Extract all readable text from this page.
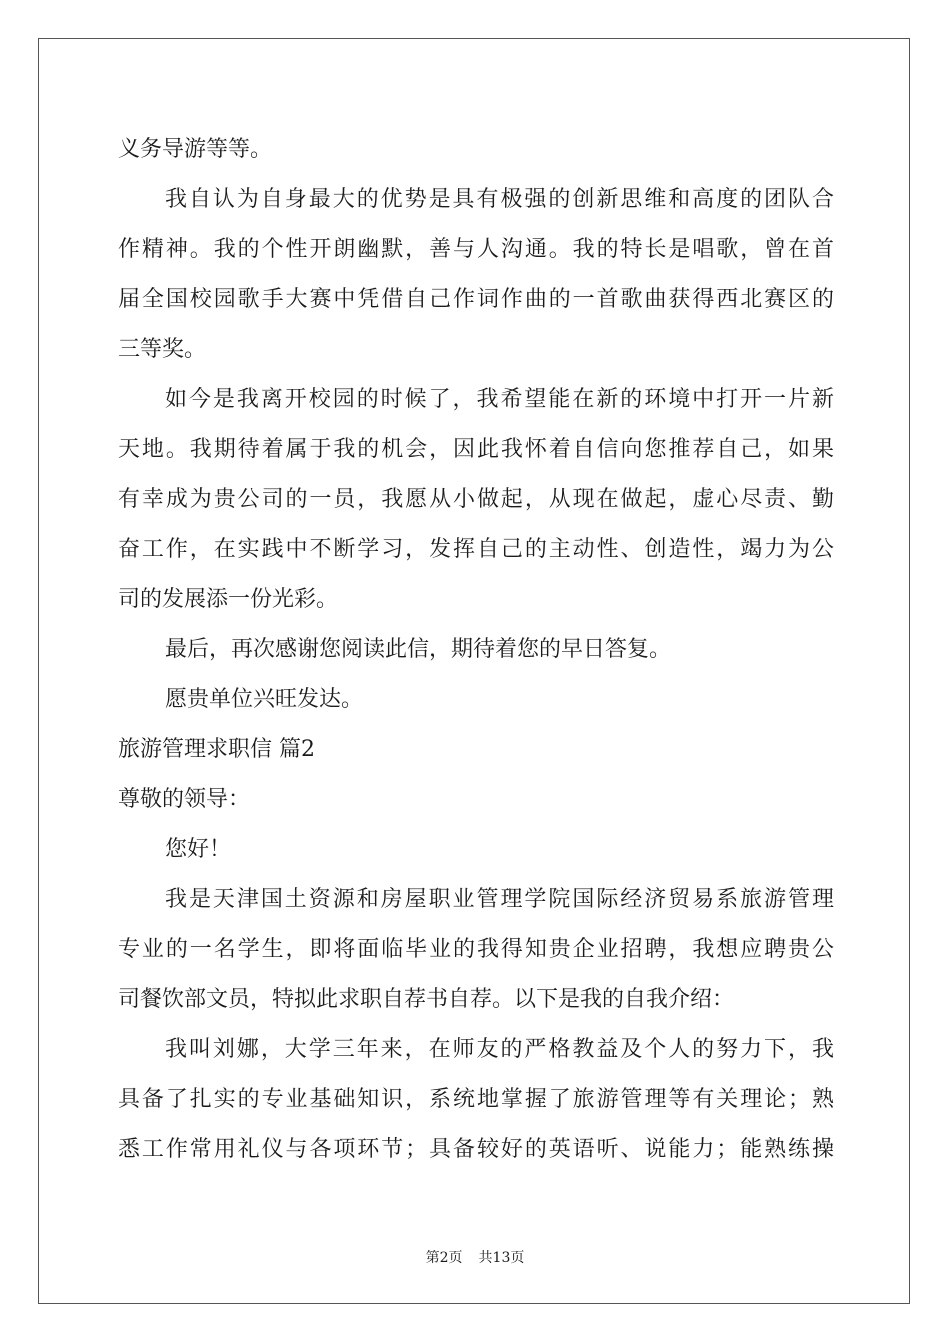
义务导游等等。
我自认为自身最大的优势是具有极强的创新思维和高度的团队合
作精神。我的个性开朗幽默，善与人沟通。我的特长是唱歌，曾在首
届全国校园歌手大赛中凭借自己作词作曲的一首歌曲获得西北赛区的
三等奖。
如今是我离开校园的时候了，我希望能在新的环境中打开一片新
天地。我期待着属于我的机会，因此我怀着自信向您推荐自己，如果
有幸成为贵公司的一员，我愿从小做起，从现在做起，虚心尽责、勤
奋工作，在实践中不断学习，发挥自己的主动性、创造性，竭力为公
司的发展添一份光彩。
最后，再次感谢您阅读此信，期待着您的早日答复。
愿贵单位兴旺发达。
旅游管理求职信 篇2
尊敬的领导：
您好！
我是天津国土资源和房屋职业管理学院国际经济贸易系旅游管理
专业的一名学生，即将面临毕业的我得知贵企业招聘，我想应聘贵公
司餐饮部文员，特拟此求职自荐书自荐。以下是我的自我介绍：
我叫刘娜，大学三年来，在师友的严格教益及个人的努力下，我
具备了扎实的专业基础知识，系统地掌握了旅游管理等有关理论；熟
悉工作常用礼仪与各项环节；具备较好的英语听、说能力；能熟练操
第2页 共13页
